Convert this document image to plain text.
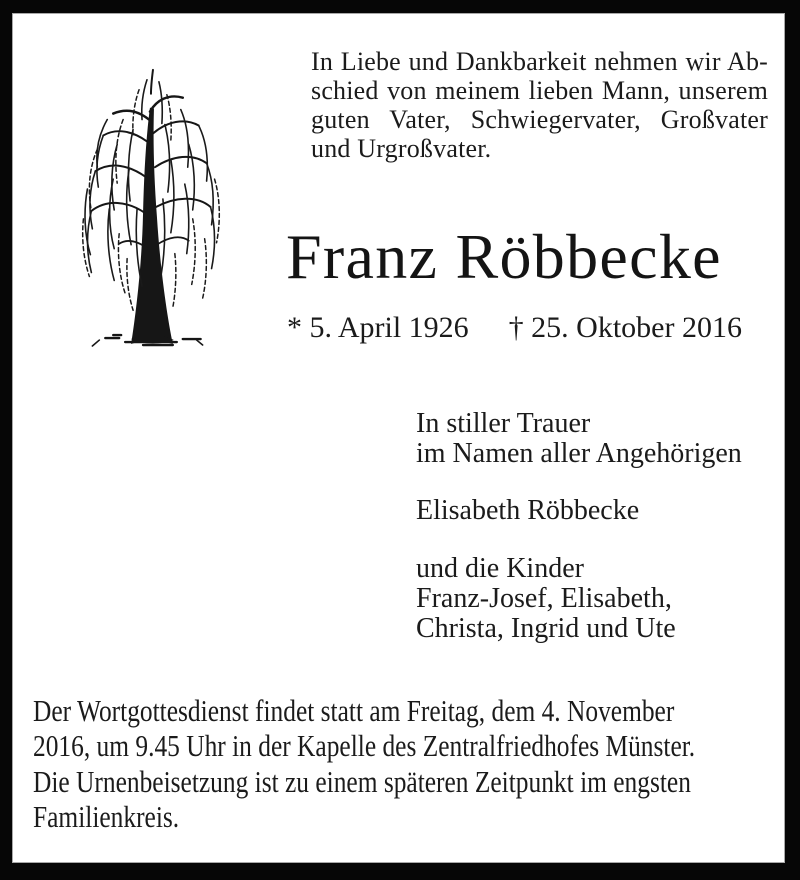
In Liebe und Dankbarkeit nehmen wir Ab-
schied von meinem lieben Mann, unserem
guten Vater, Schwiegervater, Großvater
und Urgroßvater.
Franz Röbbecke
* 5. April 1926 † 25. Oktober 2016
In stiller Trauer
im Namen aller Angehörigen
Elisabeth Röbbecke
und die Kinder
Franz-Josef, Elisabeth,
Christa, Ingrid und Ute
Der Wortgottesdienst findet statt am Freitag, dem 4. November
2016, um 9.45 Uhr in der Kapelle des Zentralfriedhofes Münster.
Die Urnenbeisetzung ist zu einem späteren Zeitpunkt im engsten
Familienkreis.
